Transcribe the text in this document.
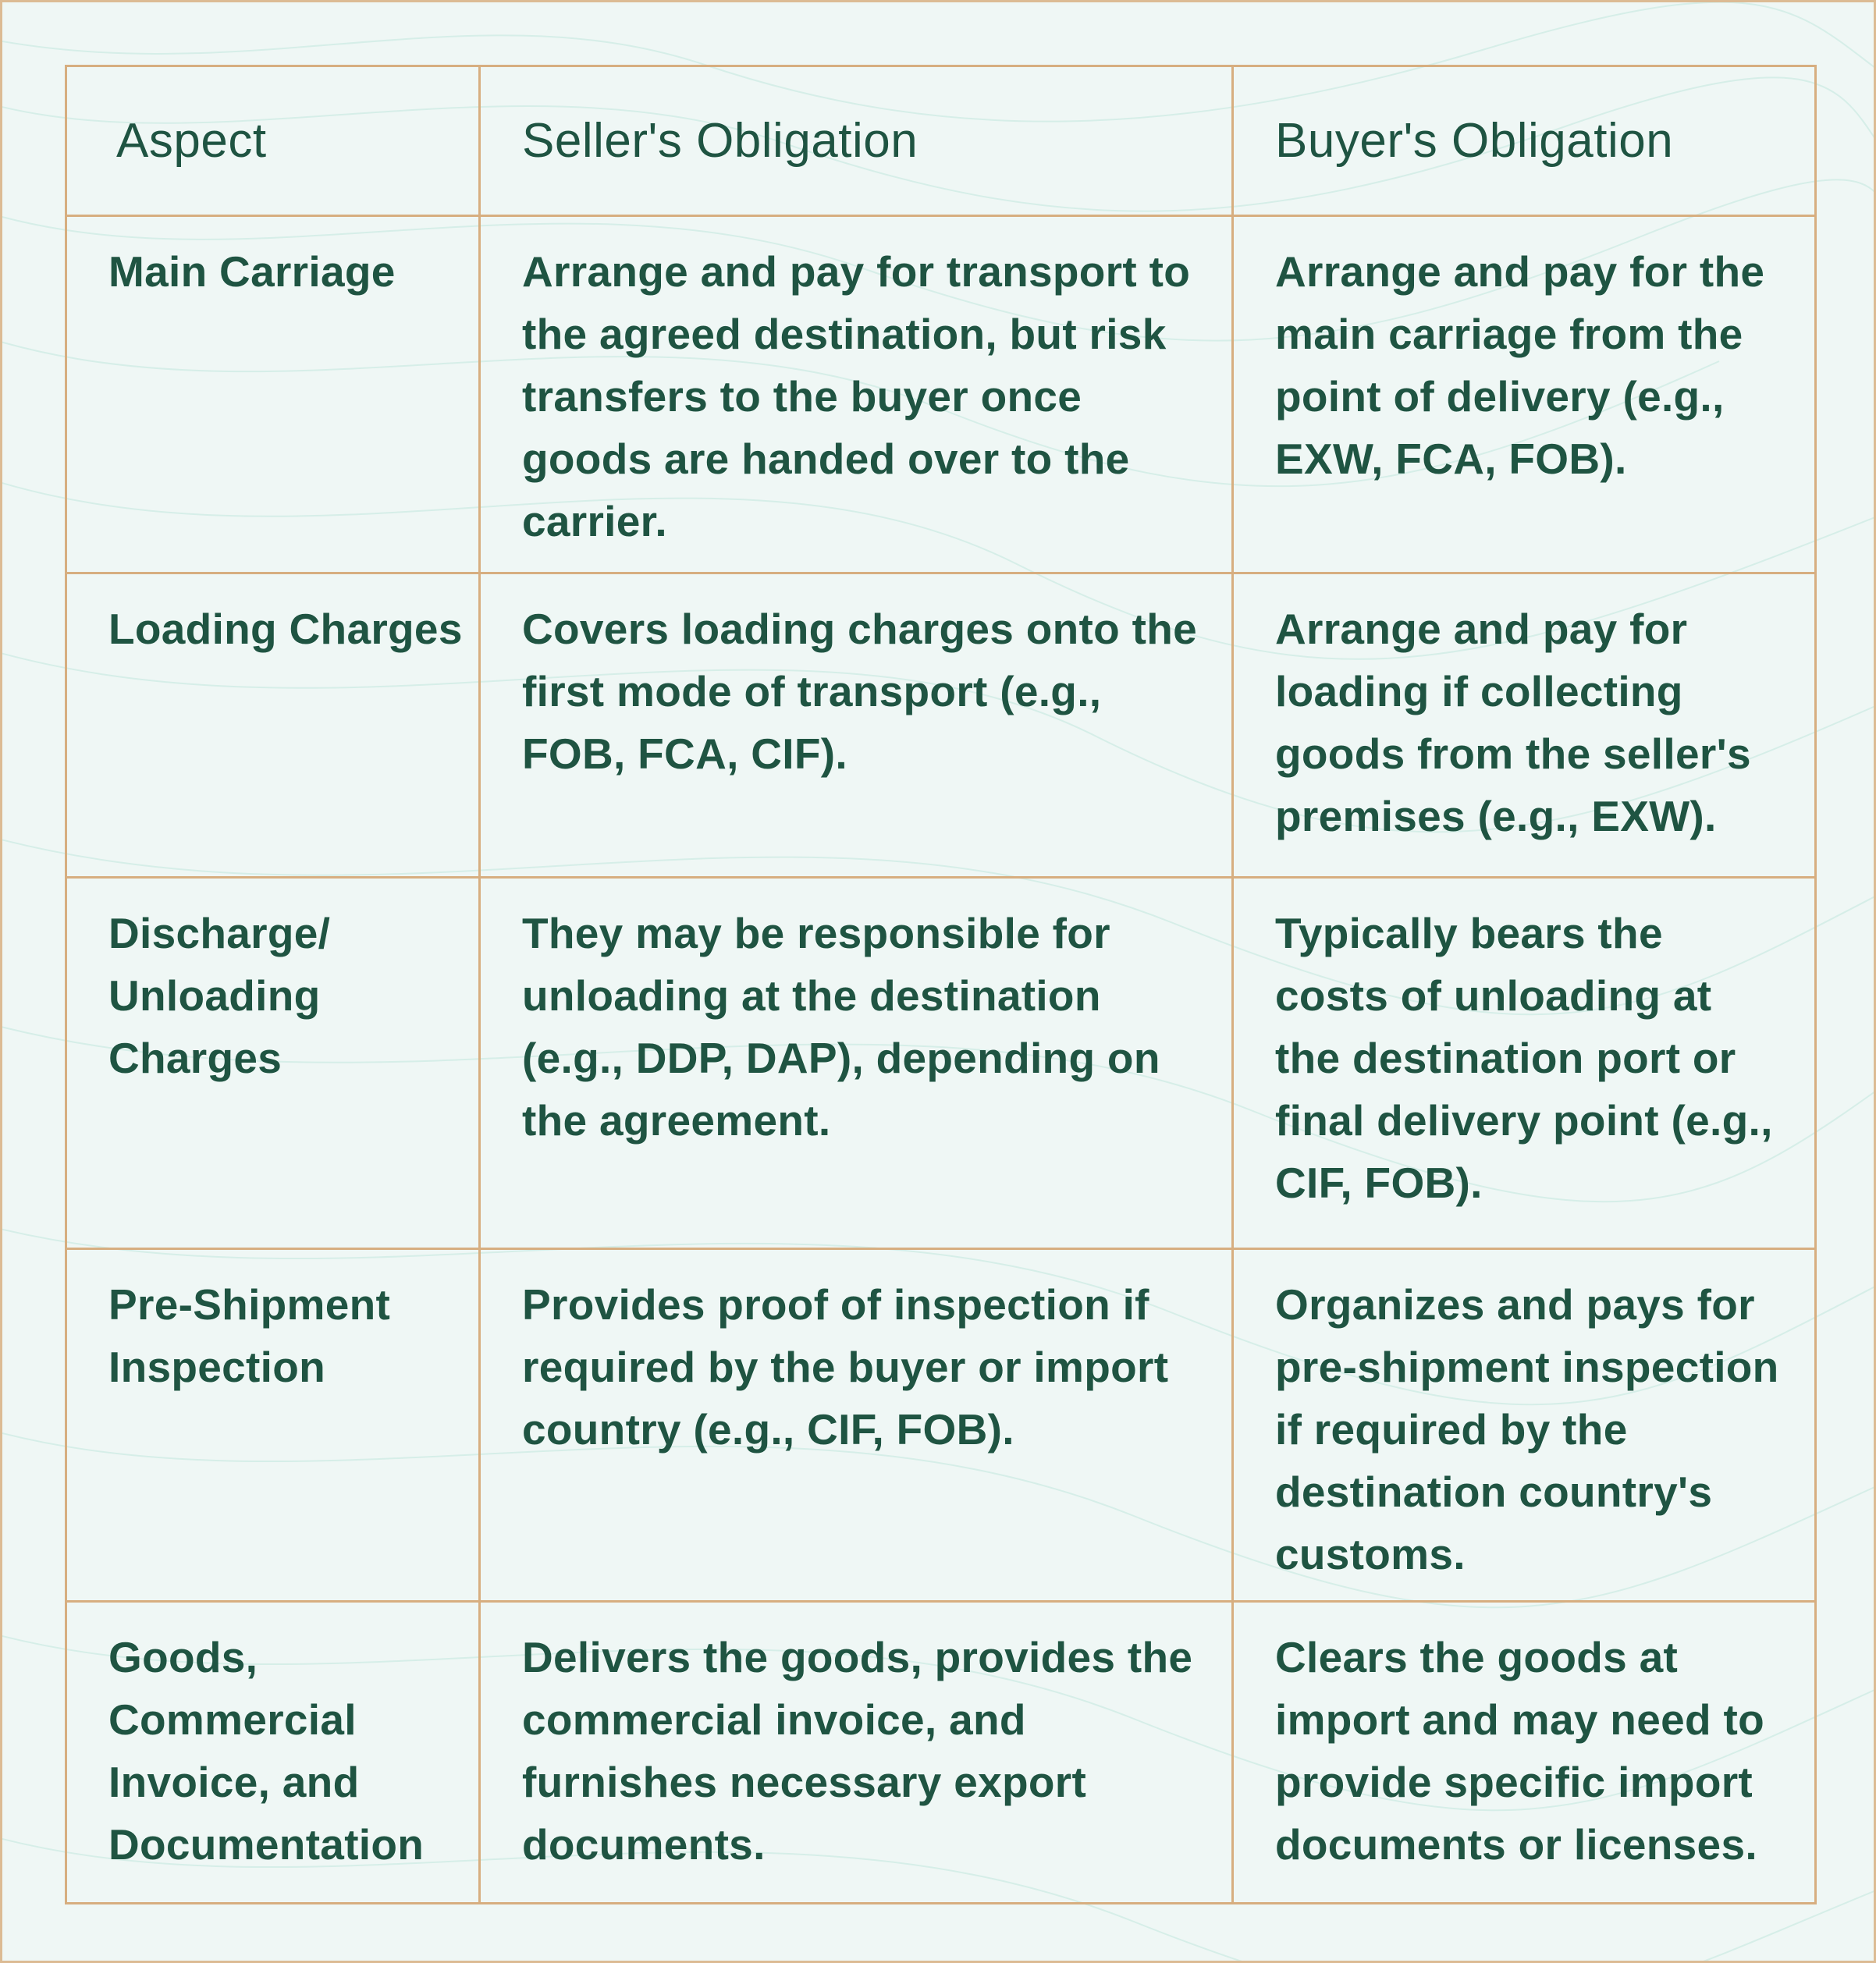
Aspect	Seller's Obligation	Buyer's Obligation
Main Carriage	Arrange and pay for transport to the agreed destination, but risk transfers to the buyer once goods are handed over to the carrier.	Arrange and pay for the main carriage from the point of delivery (e.g., EXW, FCA, FOB).
Loading Charges	Covers loading charges onto the first mode of transport (e.g., FOB, FCA, CIF).	Arrange and pay for loading if collecting goods from the seller's premises (e.g., EXW).
Discharge/ Unloading Charges	They may be responsible for unloading at the destination (e.g., DDP, DAP), depending on the agreement.	Typically bears the costs of unloading at the destination port or final delivery point (e.g., CIF, FOB).
Pre-Shipment Inspection	Provides proof of inspection if required by the buyer or import country (e.g., CIF, FOB).	Organizes and pays for pre-shipment inspection if required by the destination country's customs.
Goods, Commercial Invoice, and Documentation	Delivers the goods, provides the commercial invoice, and furnishes necessary export documents.	Clears the goods at import and may need to provide specific import documents or licenses.
